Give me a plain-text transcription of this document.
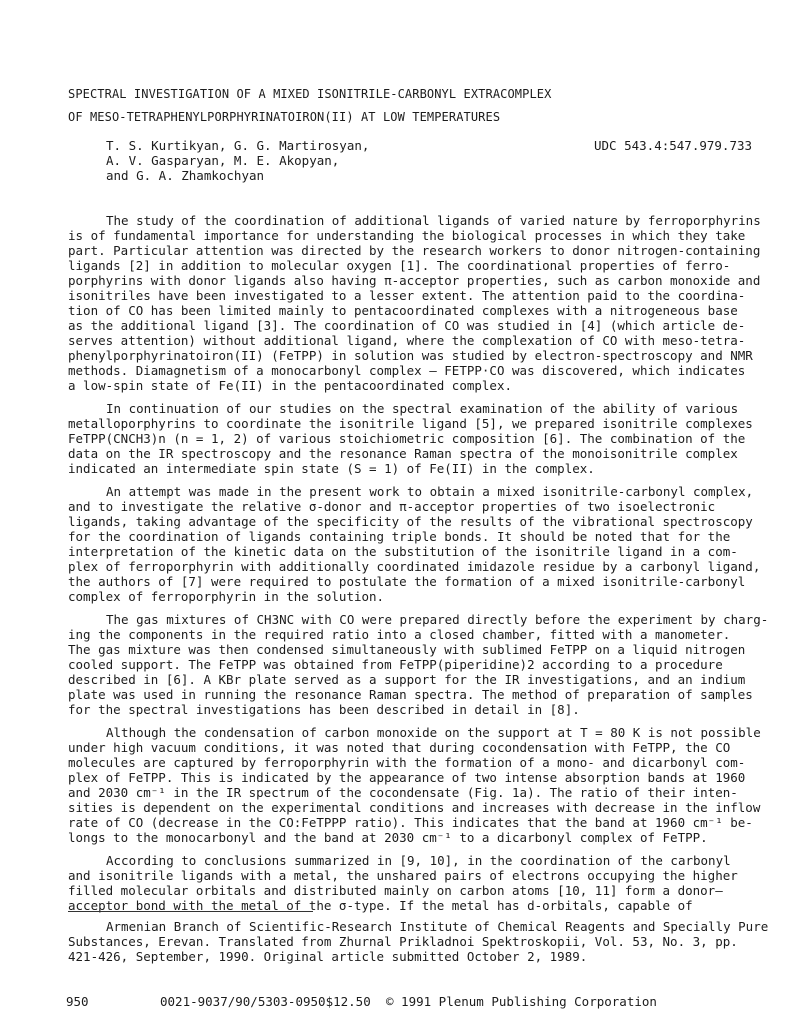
SPECTRAL INVESTIGATION OF A MIXED ISONITRILE-CARBONYL EXTRACOMPLEX
OF MESO-TETRAPHENYLPORPHYRINATOIRON(II) AT LOW TEMPERATURES
T. S. Kurtikyan, G. G. Martirosyan,
A. V. Gasparyan, M. E. Akopyan,
and G. A. Zhamkochyan
UDC 543.4:547.979.733
The study of the coordination of additional ligands of varied nature by ferroporphyrins
is of fundamental importance for understanding the biological processes in which they take
part. Particular attention was directed by the research workers to donor nitrogen-containing
ligands [2] in addition to molecular oxygen [1]. The coordinational properties of ferro-
porphyrins with donor ligands also having π-acceptor properties, such as carbon monoxide and
isonitriles have been investigated to a lesser extent. The attention paid to the coordina-
tion of CO has been limited mainly to pentacoordinated complexes with a nitrogeneous base
as the additional ligand [3]. The coordination of CO was studied in [4] (which article de-
serves attention) without additional ligand, where the complexation of CO with meso-tetra-
phenylporphyrinatoiron(II) (FeTPP) in solution was studied by electron-spectroscopy and NMR
methods. Diamagnetism of a monocarbonyl complex — FETPP·CO was discovered, which indicates
a low-spin state of Fe(II) in the pentacoordinated complex.
In continuation of our studies on the spectral examination of the ability of various
metalloporphyrins to coordinate the isonitrile ligand [5], we prepared isonitrile complexes
FeTPP(CNCH3)n (n = 1, 2) of various stoichiometric composition [6]. The combination of the
data on the IR spectroscopy and the resonance Raman spectra of the monoisonitrile complex
indicated an intermediate spin state (S = 1) of Fe(II) in the complex.
An attempt was made in the present work to obtain a mixed isonitrile-carbonyl complex,
and to investigate the relative σ-donor and π-acceptor properties of two isoelectronic
ligands, taking advantage of the specificity of the results of the vibrational spectroscopy
for the coordination of ligands containing triple bonds. It should be noted that for the
interpretation of the kinetic data on the substitution of the isonitrile ligand in a com-
plex of ferroporphyrin with additionally coordinated imidazole residue by a carbonyl ligand,
the authors of [7] were required to postulate the formation of a mixed isonitrile-carbonyl
complex of ferroporphyrin in the solution.
The gas mixtures of CH3NC with CO were prepared directly before the experiment by charg-
ing the components in the required ratio into a closed chamber, fitted with a manometer.
The gas mixture was then condensed simultaneously with sublimed FeTPP on a liquid nitrogen
cooled support. The FeTPP was obtained from FeTPP(piperidine)2 according to a procedure
described in [6]. A KBr plate served as a support for the IR investigations, and an indium
plate was used in running the resonance Raman spectra. The method of preparation of samples
for the spectral investigations has been described in detail in [8].
Although the condensation of carbon monoxide on the support at T = 80 K is not possible
under high vacuum conditions, it was noted that during cocondensation with FeTPP, the CO
molecules are captured by ferroporphyrin with the formation of a mono- and dicarbonyl com-
plex of FeTPP. This is indicated by the appearance of two intense absorption bands at 1960
and 2030 cm⁻¹ in the IR spectrum of the cocondensate (Fig. 1a). The ratio of their inten-
sities is dependent on the experimental conditions and increases with decrease in the inflow
rate of CO (decrease in the CO:FeTPPP ratio). This indicates that the band at 1960 cm⁻¹ be-
longs to the monocarbonyl and the band at 2030 cm⁻¹ to a dicarbonyl complex of FeTPP.
According to conclusions summarized in [9, 10], in the coordination of the carbonyl
and isonitrile ligands with a metal, the unshared pairs of electrons occupying the higher
filled molecular orbitals and distributed mainly on carbon atoms [10, 11] form a donor—
acceptor bond with the metal of the σ-type. If the metal has d-orbitals, capable of
Armenian Branch of Scientific-Research Institute of Chemical Reagents and Specially Pure
Substances, Erevan. Translated from Zhurnal Prikladnoi Spektroskopii, Vol. 53, No. 3, pp.
421-426, September, 1990. Original article submitted October 2, 1989.
950	0021-9037/90/5303-0950$12.50 © 1991 Plenum Publishing Corporation
